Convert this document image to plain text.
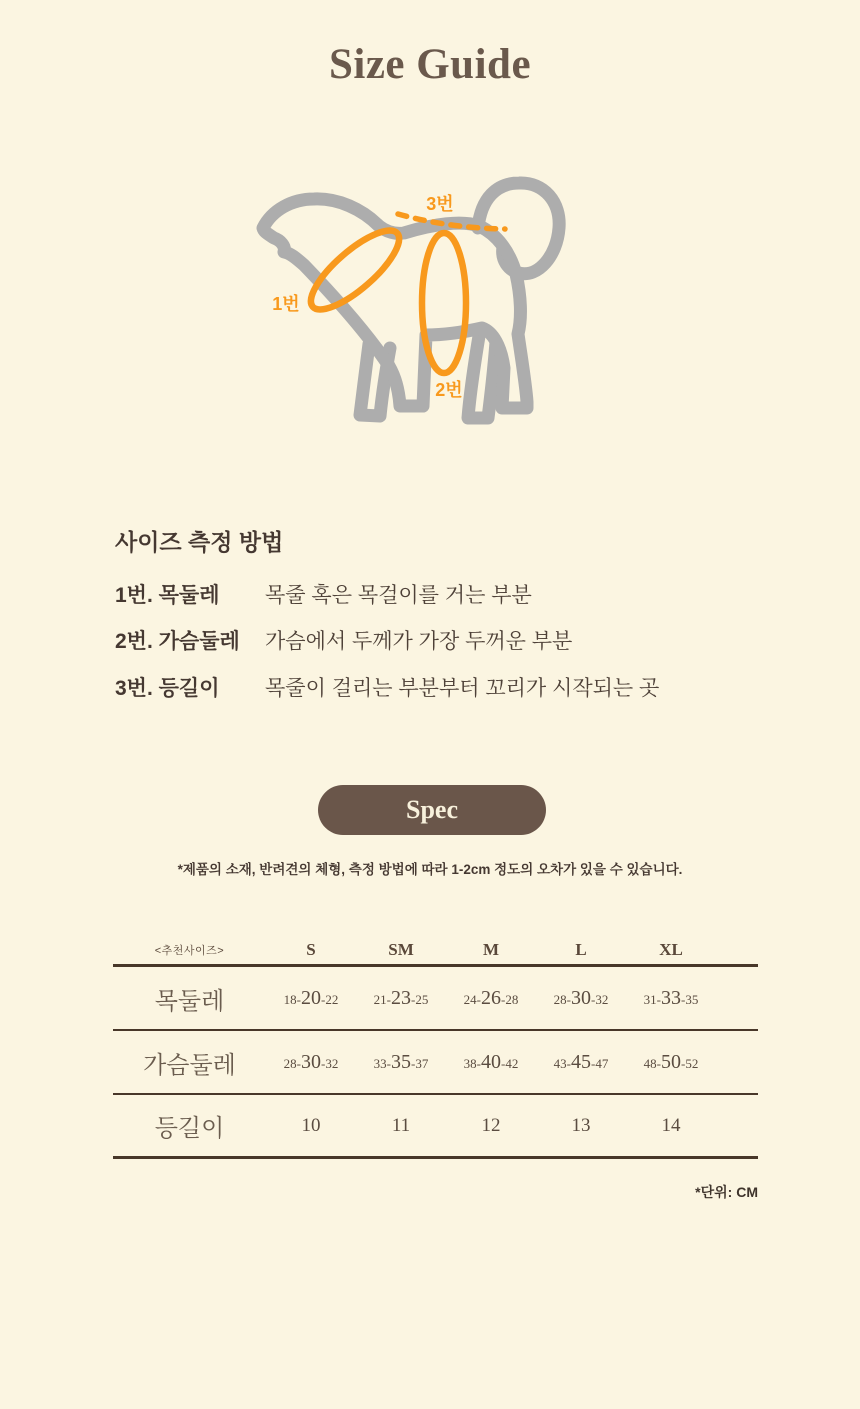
Size Guide
1번
2번
3번
사이즈 측정 방법
1번. 목둘레	목줄 혹은 목걸이를 거는 부분
2번. 가슴둘레	가슴에서 두께가 가장 두꺼운 부분
3번. 등길이	목줄이 걸리는 부분부터 꼬리가 시작되는 곳
Spec

*제품의 소재, 반려견의 체형, 측정 방법에 따라 1-2cm 정도의 오차가 있을 수 있습니다.

<추천사이즈>	S	SM	M	L	XL
목둘레	18-20-22	21-23-25	24-26-28	28-30-32	31-33-35
가슴둘레	28-30-32	33-35-37	38-40-42	43-45-47	48-50-52
등길이	10	11	12	13	14

*단위: CM
